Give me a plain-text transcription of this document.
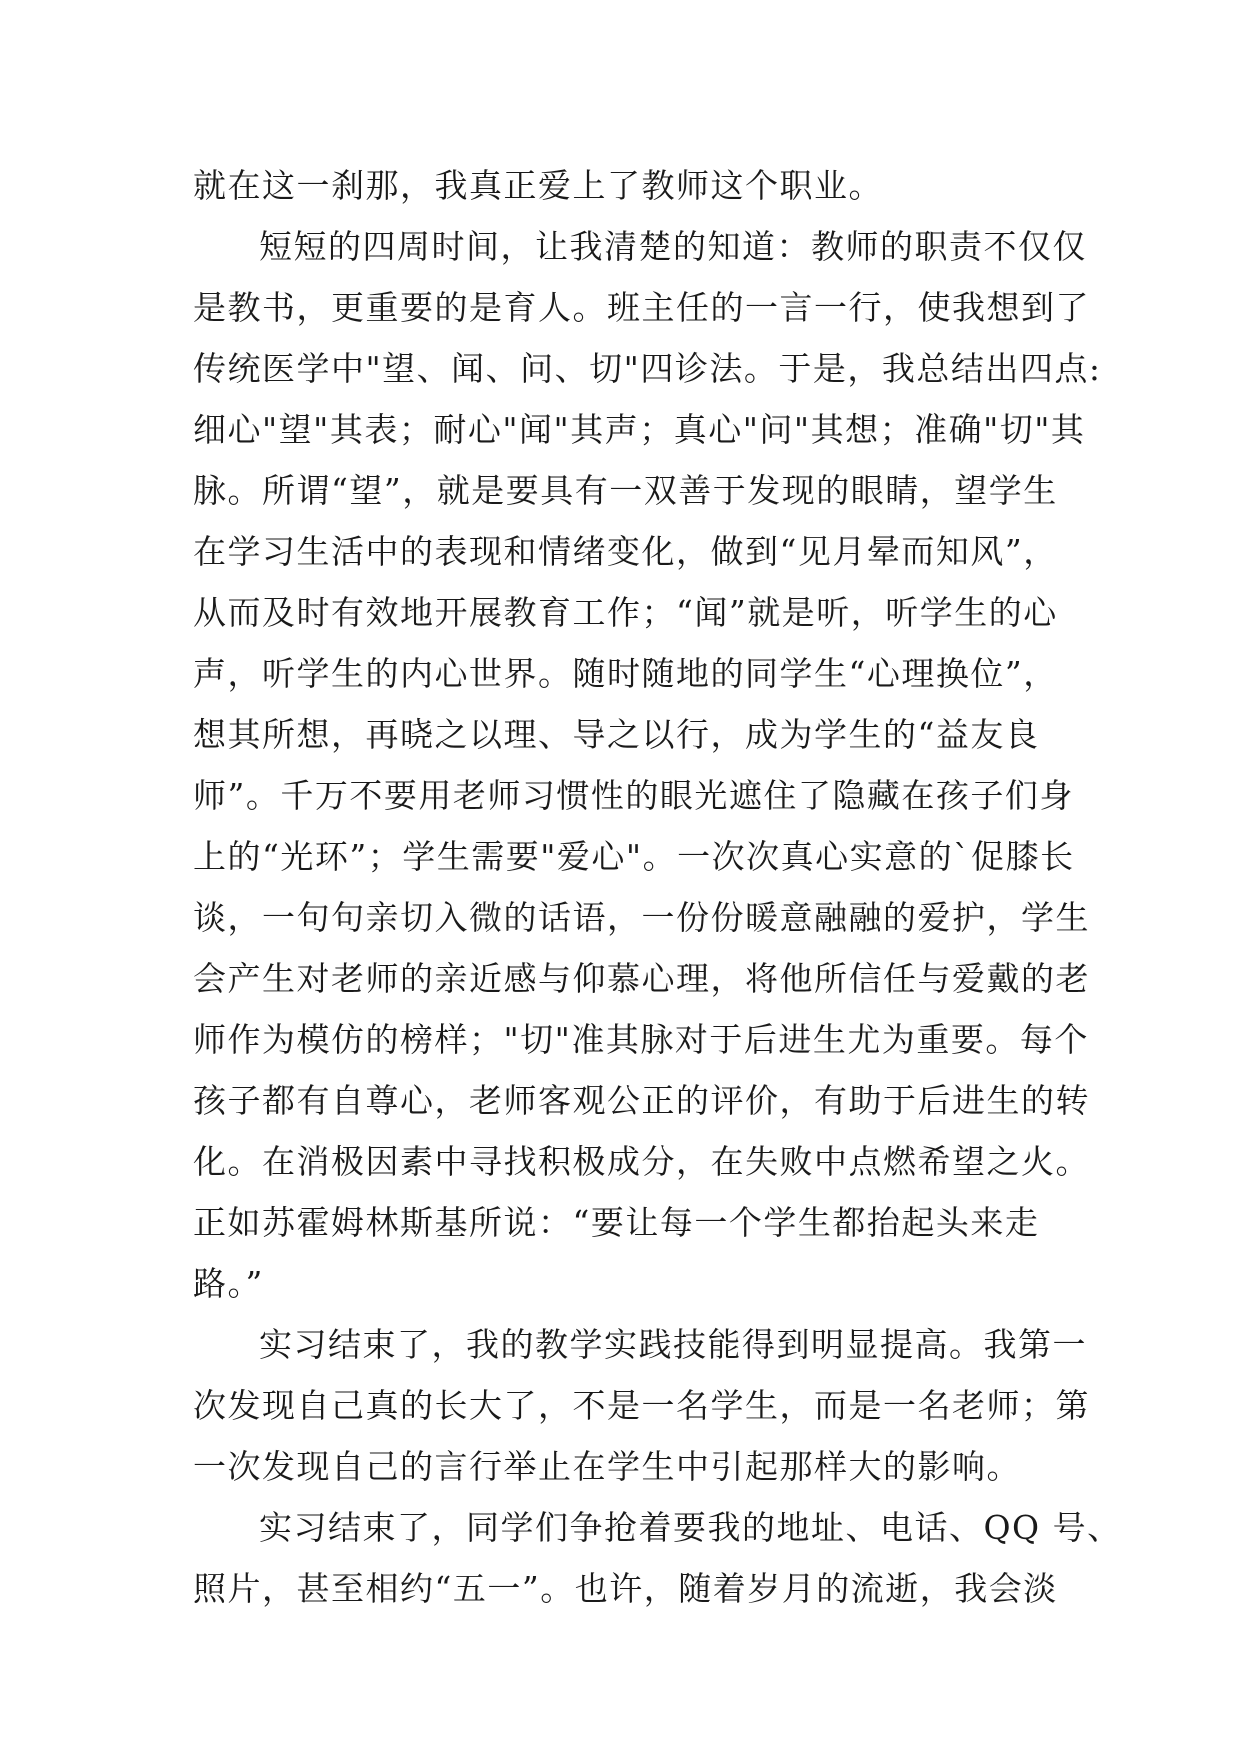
就在这一刹那，我真正爱上了教师这个职业。
短短的四周时间，让我清楚的知道：教师的职责不仅仅
是教书，更重要的是育人。班主任的一言一行，使我想到了
传统医学中"望、闻、问、切"四诊法。于是，我总结出四点:
细心"望"其表；耐心"闻"其声；真心"问"其想；准确"切"其
脉。所谓“望”，就是要具有一双善于发现的眼睛，望学生
在学习生活中的表现和情绪变化，做到“见月晕而知风”，
从而及时有效地开展教育工作；“闻”就是听，听学生的心
声，听学生的内心世界。随时随地的同学生“心理换位”，
想其所想，再晓之以理、导之以行，成为学生的“益友良
师”。千万不要用老师习惯性的眼光遮住了隐藏在孩子们身
上的“光环”；学生需要"爱心"。一次次真心实意的`促膝长
谈，一句句亲切入微的话语，一份份暖意融融的爱护，学生
会产生对老师的亲近感与仰慕心理，将他所信任与爱戴的老
师作为模仿的榜样；"切"准其脉对于后进生尤为重要。每个
孩子都有自尊心，老师客观公正的评价，有助于后进生的转
化。在消极因素中寻找积极成分，在失败中点燃希望之火。
正如苏霍姆林斯基所说：“要让每一个学生都抬起头来走
路。”
实习结束了，我的教学实践技能得到明显提高。我第一
次发现自己真的长大了，不是一名学生，而是一名老师；第
一次发现自己的言行举止在学生中引起那样大的影响。
实习结束了，同学们争抢着要我的地址、电话、QQ 号、
照片，甚至相约“五一”。也许，随着岁月的流逝，我会淡
